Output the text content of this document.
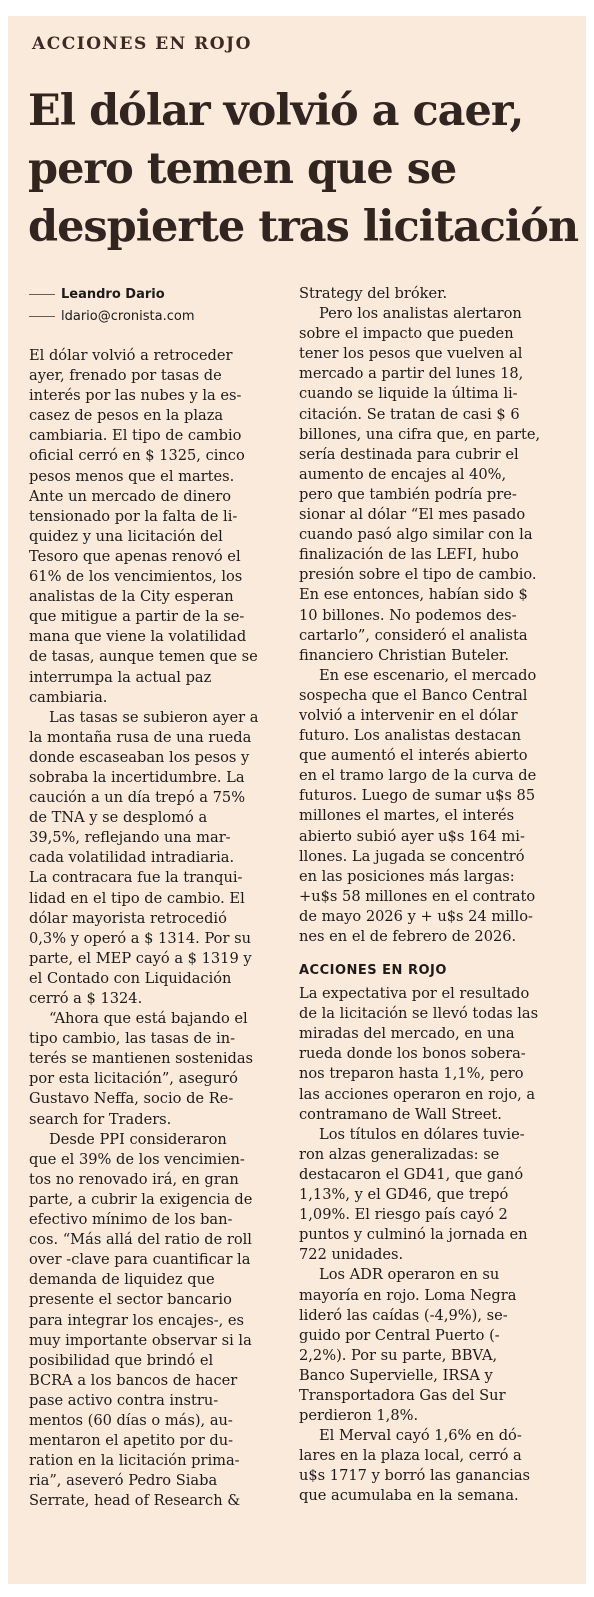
ACCIONES EN ROJO
El dólar volvió a caer,
pero temen que se
despierte tras licitación
Leandro Dario
ldario@cronista.com
El dólar volvió a retroceder
ayer, frenado por tasas de
interés por las nubes y la es-
casez de pesos en la plaza
cambiaria. El tipo de cambio
oficial cerró en $ 1325, cinco
pesos menos que el martes.
Ante un mercado de dinero
tensionado por la falta de li-
quidez y una licitación del
Tesoro que apenas renovó el
61% de los vencimientos, los
analistas de la City esperan
que mitigue a partir de la se-
mana que viene la volatilidad
de tasas, aunque temen que se
interrumpa la actual paz
cambiaria.
Las tasas se subieron ayer a
la montaña rusa de una rueda
donde escaseaban los pesos y
sobraba la incertidumbre. La
caución a un día trepó a 75%
de TNA y se desplomó a
39,5%, reflejando una mar-
cada volatilidad intradiaria.
La contracara fue la tranqui-
lidad en el tipo de cambio. El
dólar mayorista retrocedió
0,3% y operó a $ 1314. Por su
parte, el MEP cayó a $ 1319 y
el Contado con Liquidación
cerró a $ 1324.
“Ahora que está bajando el
tipo cambio, las tasas de in-
terés se mantienen sostenidas
por esta licitación”, aseguró
Gustavo Neffa, socio de Re-
search for Traders.
Desde PPI consideraron
que el 39% de los vencimien-
tos no renovado irá, en gran
parte, a cubrir la exigencia de
efectivo mínimo de los ban-
cos. “Más allá del ratio de roll
over -clave para cuantificar la
demanda de liquidez que
presente el sector bancario
para integrar los encajes-, es
muy importante observar si la
posibilidad que brindó el
BCRA a los bancos de hacer
pase activo contra instru-
mentos (60 días o más), au-
mentaron el apetito por du-
ration en la licitación prima-
ria”, aseveró Pedro Siaba
Serrate, head of Research &
Strategy del bróker.
Pero los analistas alertaron
sobre el impacto que pueden
tener los pesos que vuelven al
mercado a partir del lunes 18,
cuando se liquide la última li-
citación. Se tratan de casi $ 6
billones, una cifra que, en parte,
sería destinada para cubrir el
aumento de encajes al 40%,
pero que también podría pre-
sionar al dólar “El mes pasado
cuando pasó algo similar con la
finalización de las LEFI, hubo
presión sobre el tipo de cambio.
En ese entonces, habían sido $
10 billones. No podemos des-
cartarlo”, consideró el analista
financiero Christian Buteler.
En ese escenario, el mercado
sospecha que el Banco Central
volvió a intervenir en el dólar
futuro. Los analistas destacan
que aumentó el interés abierto
en el tramo largo de la curva de
futuros. Luego de sumar u$s 85
millones el martes, el interés
abierto subió ayer u$s 164 mi-
llones. La jugada se concentró
en las posiciones más largas:
+u$s 58 millones en el contrato
de mayo 2026 y + u$s 24 millo-
nes en el de febrero de 2026.
ACCIONES EN ROJO
La expectativa por el resultado
de la licitación se llevó todas las
miradas del mercado, en una
rueda donde los bonos sobera-
nos treparon hasta 1,1%, pero
las acciones operaron en rojo, a
contramano de Wall Street.
Los títulos en dólares tuvie-
ron alzas generalizadas: se
destacaron el GD41, que ganó
1,13%, y el GD46, que trepó
1,09%. El riesgo país cayó 2
puntos y culminó la jornada en
722 unidades.
Los ADR operaron en su
mayoría en rojo. Loma Negra
lideró las caídas (-4,9%), se-
guido por Central Puerto (-
2,2%). Por su parte, BBVA,
Banco Supervielle, IRSA y
Transportadora Gas del Sur
perdieron 1,8%.
El Merval cayó 1,6% en dó-
lares en la plaza local, cerró a
u$s 1717 y borró las ganancias
que acumulaba en la semana.
